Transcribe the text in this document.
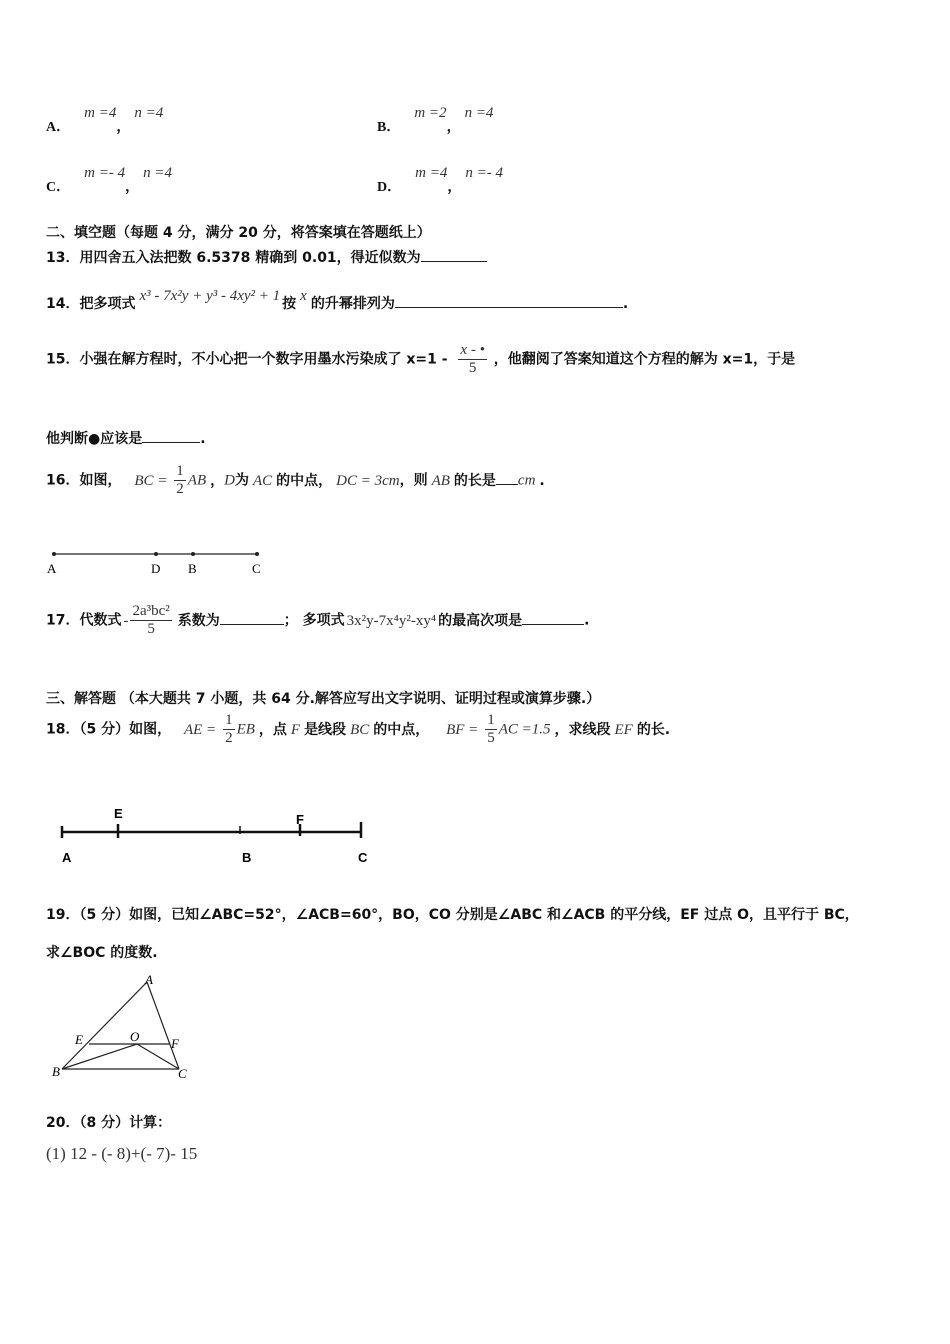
A．m =4，n =4
B．m =2，n =4
C．m =- 4，n =4
D．m =4，n =- 4
二、填空题（每题 4 分，满分 20 分，将答案填在答题纸上）
13．用四舍五入法把数 6.5378 精确到 0.01，得近似数为
14．把多项式 x³ - 7x²y + y³ - 4xy² + 1 按 x 的升幂排列为	.
15．小强在解方程时，不小心把一个数字用墨水污染成了 $x=1 - \frac{x - •}{5}$ ，他翻阅了答案知道这个方程的解为 x=1，于是
他判断●应该是	.
16．如图， BC = $\frac{1}{2}$ AB ，D为 AC 的中点， DC = 3cm，则 AB 的长是 cm .
A	D B	C
17．代数式 - $\frac{\text{2a³bc²}}{5}$ 系数为	； 多项式 3x²y-7x⁴y²-xy⁴ 的最高次项是	.
三、解答题 （本大题共 7 小题，共 64 分.解答应写出文字说明、证明过程或演算步骤.）
18．（5 分）如图， AE = $\frac{1}{2}$ EB ，点 F 是线段 BC 的中点， BF = $\frac{1}{5}$ AC =1.5 ，求线段 EF 的长.
E	F
A	B	C
19．（5 分）如图，已知∠ABC=52°，∠ACB=60°，BO，CO 分别是∠ABC 和∠ACB 的平分线，EF 过点 O，且平行于 BC，
求∠BOC 的度数.
A
E	O F
B	C
20．（8 分）计算：
(1) 12 - (- 8)+(- 7)- 15
